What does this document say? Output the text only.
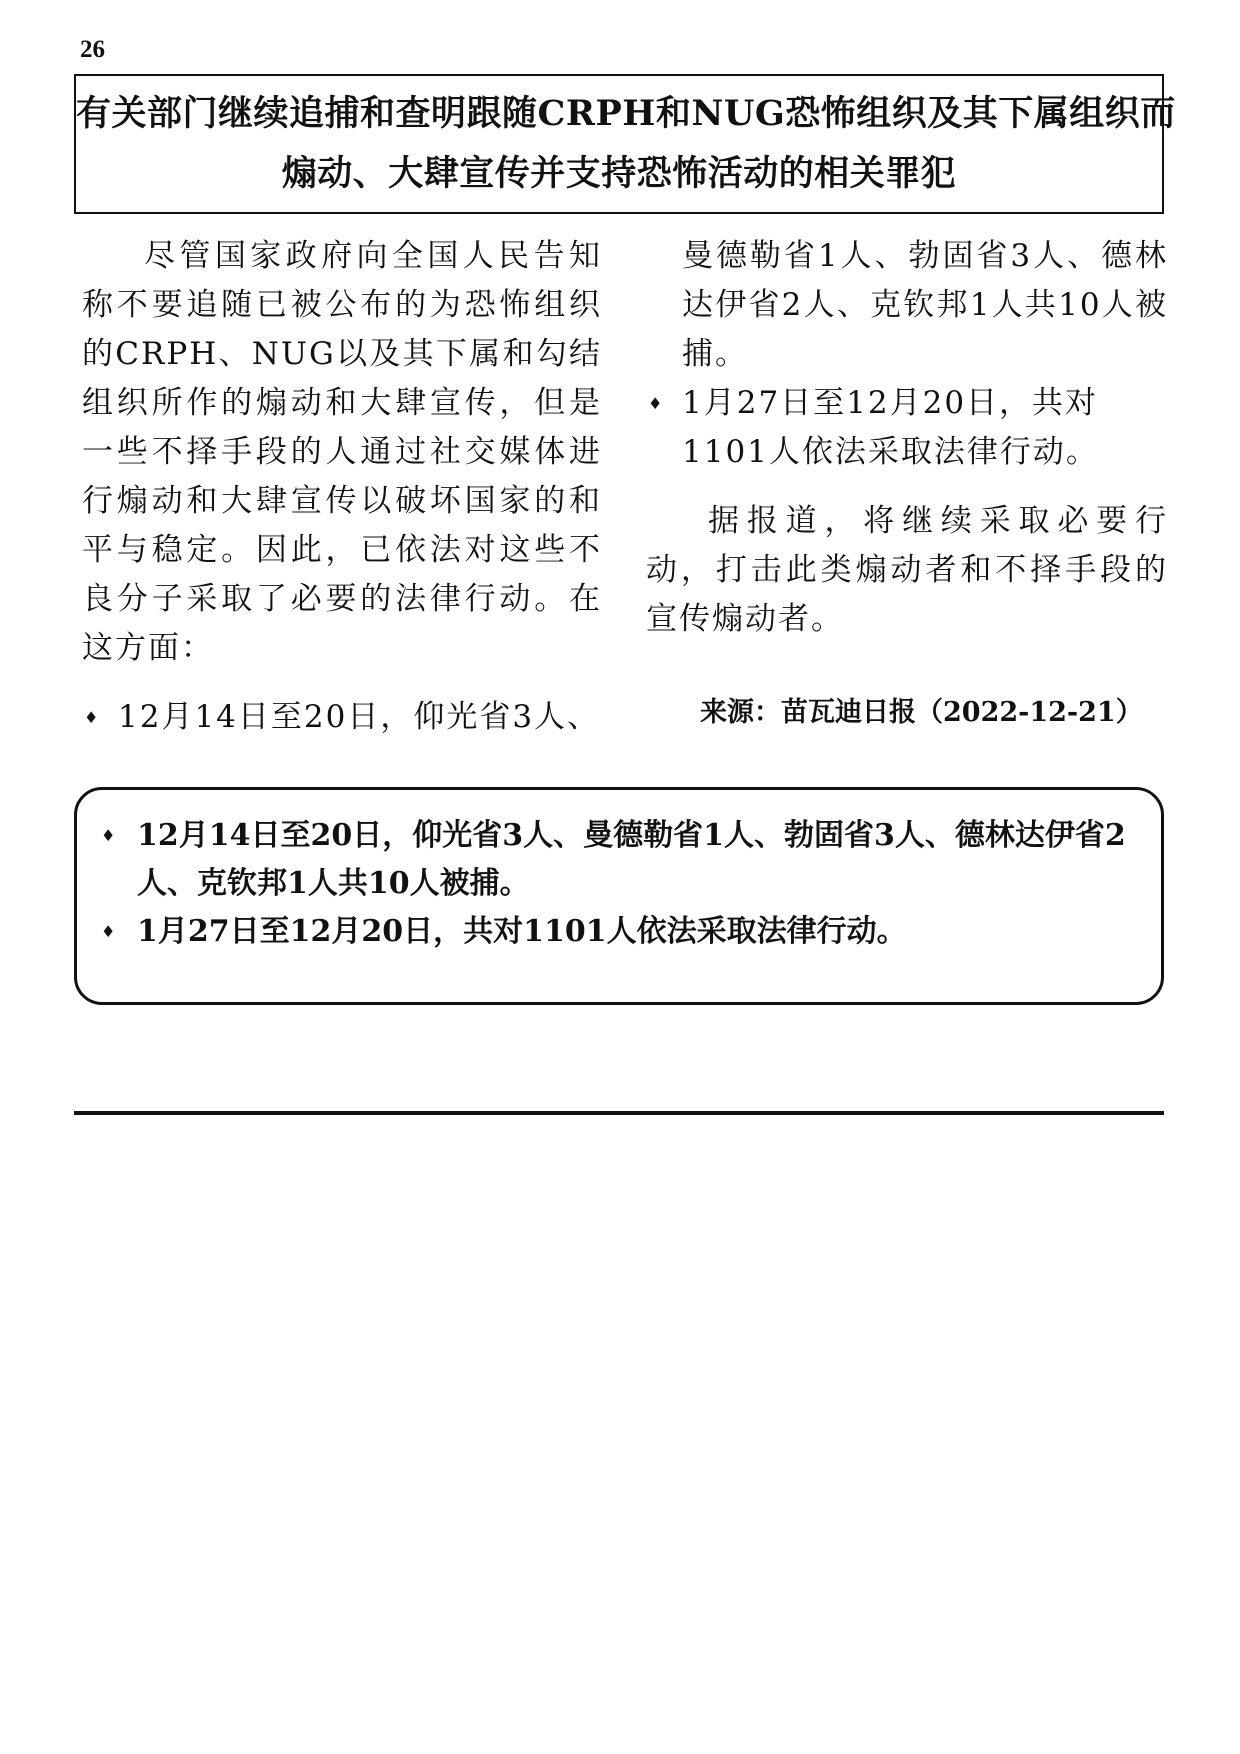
26
有关部门继续追捕和查明跟随CRPH和NUG恐怖组织及其下属组织而
煽动、大肆宣传并支持恐怖活动的相关罪犯

尽管国家政府向全国人民告知称不要追随已被公布的为恐怖组织的CRPH、NUG以及其下属和勾结组织所作的煽动和大肆宣传，但是一些不择手段的人通过社交媒体进行煽动和大肆宣传以破坏国家的和平与稳定。因此，已依法对这些不良分子采取了必要的法律行动。在这方面：

♦ 12月14日至20日，仰光省3人、

曼德勒省1人、勃固省3人、德林达伊省2人、克钦邦1人共10人被捕。

♦ 1月27日至12月20日，共对1101人依法采取法律行动。

据报道，将继续采取必要行动，打击此类煽动者和不择手段的宣传煽动者。

来源：苗瓦迪日报（2022-12-21）
♦ 12月14日至20日，仰光省3人、曼德勒省1人、勃固省3人、德林达伊省2人、克钦邦1人共10人被捕。
♦ 1月27日至12月20日，共对1101人依法采取法律行动。
